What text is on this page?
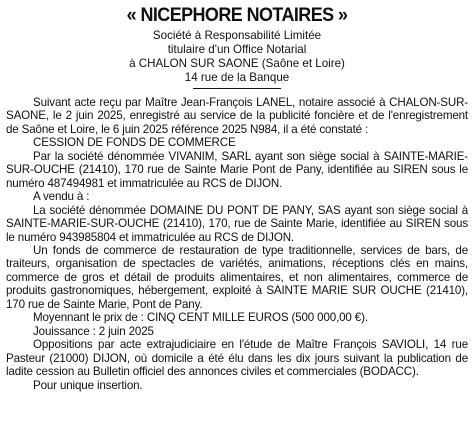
« NICEPHORE NOTAIRES »

Société à Responsabilité Limitée

titulaire d'un Office Notarial

à CHALON SUR SAONE (Saône et Loire)

14 rue de la Banque

Suivant acte reçu par Maître Jean-François LANEL, notaire associé à CHALON-SUR-SAONE, le 2 juin 2025, enregistré au service de la publicité foncière et de l'enregistrement de Saône et Loire, le 6 juin 2025 référence 2025 N984, il a été constaté :

CESSION DE FONDS DE COMMERCE

Par la société dénommée VIVANIM, SARL ayant son siège social à SAINTE-MARIE-SUR-OUCHE (21410), 170 rue de Sainte Marie Pont de Pany, identifiée au SIREN sous le numéro 487494981 et immatriculée au RCS de DIJON.

A vendu à :

La société dénommée DOMAINE DU PONT DE PANY, SAS ayant son siège social à SAINTE-MARIE-SUR-OUCHE (21410), 170, rue de Sainte Marie, identifiée au SIREN sous le numéro 943985804 et immatriculée au RCS de DIJON.

Un fonds de commerce de restauration de type traditionnelle, services de bars, de traiteurs, organisation de spectacles de variétés, animations, réceptions clés en mains, commerce de gros et détail de produits alimentaires, et non alimentaires, commerce de produits gastronomiques, hébergement, exploité à SAINTE MARIE SUR OUCHE (21410), 170 rue de Sainte Marie, Pont de Pany.

Moyennant le prix de : CINQ CENT MILLE EUROS (500 000,00 €).

Jouissance : 2 juin 2025

Oppositions par acte extrajudiciaire en l'étude de Maître François SAVIOLI, 14 rue Pasteur (21000) DIJON, où domicile a été élu dans les dix jours suivant la publication de ladite cession au Bulletin officiel des annonces civiles et commerciales (BODACC).

Pour unique insertion.
